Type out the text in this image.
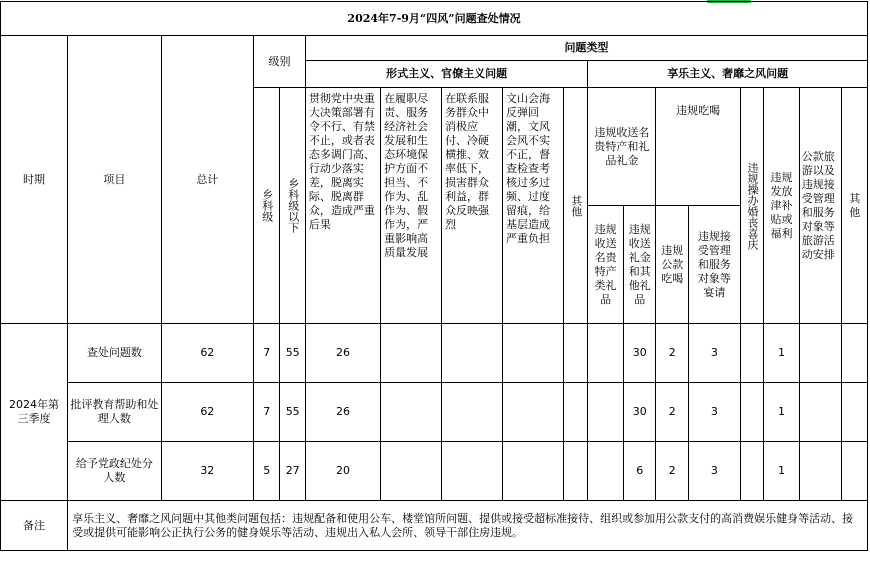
2024年7-9月“四风”问题查处情况																	
时期	项目	总计	级别		问题类型												
					形式主义、官僚主义问题					享乐主义、奢靡之风问题							

			乡科级	乡科级以下	贯彻党中央重大决策部署有令不行、有禁不止，或者表态多调门高、行动少落实差，脱离实际、脱离群众，造成严重后果	在履职尽责、服务经济社会发展和生态环境保护方面不担当、不作为、乱作为、假作为，严重影响高质量发展	在联系服务群众中消极应付、冷硬横推、效率低下，损害群众利益，群众反映强烈	文山会海反弹回潮，文风会风不实不正，督查检查考核过多过频、过度留痕，给基层造成严重负担	其他	违规收送名贵特产和礼品礼金		违规吃喝		违规操办婚丧喜庆	违规发放津补贴或福利	公款旅游以及违规接受管理和服务对象等旅游活动安排	其他
										违规收送名贵特产类礼品	违规收送礼金和其他礼品	违规公款吃喝	违规接受管理和服务对象等宴请				
2024年第三季度	查处问题数	62	7	55	26						30	2	3		1		
	批评教育帮助和处理人数	62	7	55	26						30	2	3		1		
	给予党政纪处分人数	32	5	27	20						6	2	3		1		
备注	享乐主义、奢靡之风问题中其他类问题包括：违规配备和使用公车、楼堂馆所问题、提供或接受超标准接待、组织或参加用公款支付的高消费娱乐健身等活动、接受或提供可能影响公正执行公务的健身娱乐等活动、违规出入私人会所、领导干部住房违规。																
